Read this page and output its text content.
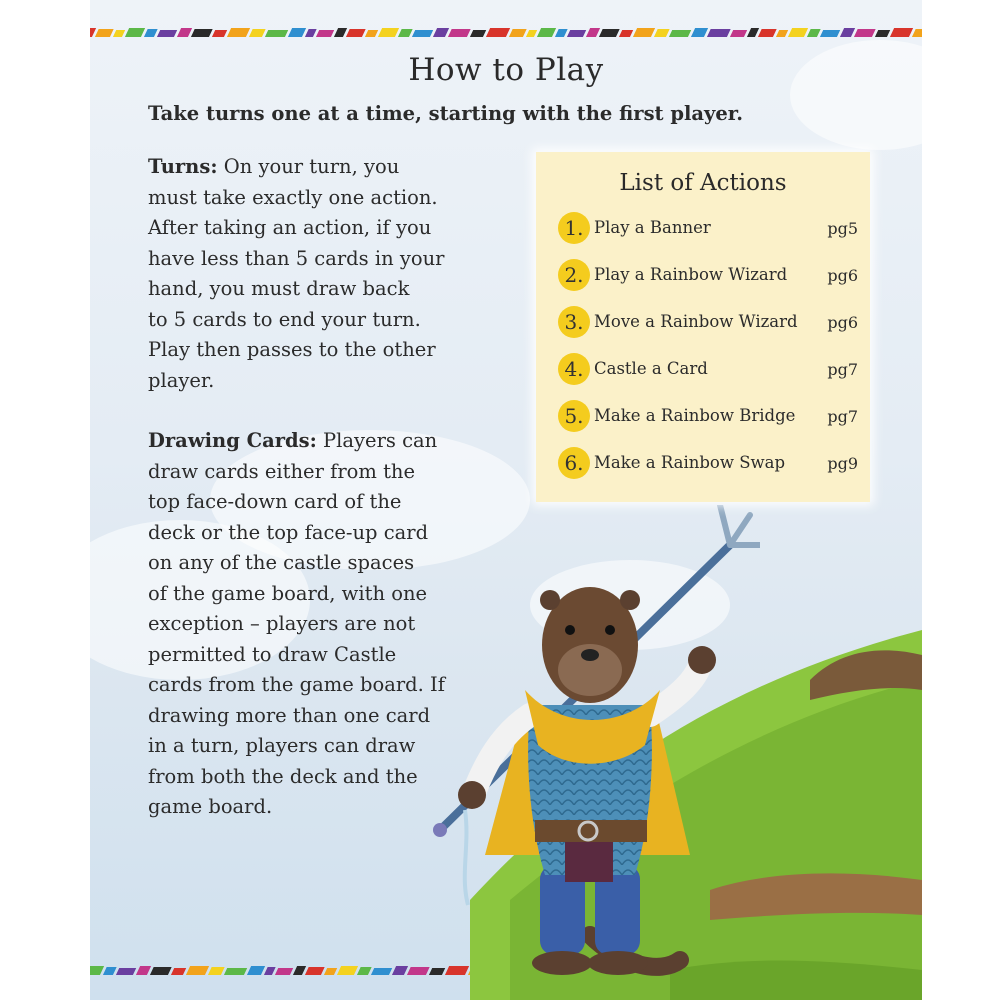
How to Play
Take turns one at a time, starting with the first player.
Turns: On your turn, you
must take exactly one action.
After taking an action, if you
have less than 5 cards in your
hand, you must draw back
to 5 cards to end your turn.
Play then passes to the other
player.
Drawing Cards: Players can
draw cards either from the
top face-down card of the
deck or the top face-up card
on any of the castle spaces
of the game board, with one
exception – players are not
permitted to draw Castle
cards from the game board. If
drawing more than one card
in a turn, players can draw
from both the deck and the
game board.
List of Actions
1. Play a Banner	pg5
2. Play a Rainbow Wizard	pg6
3. Move a Rainbow Wizard pg6
4. Castle a Card	pg7
5. Make a Rainbow Bridge pg7
6. Make a Rainbow Swap	pg9
